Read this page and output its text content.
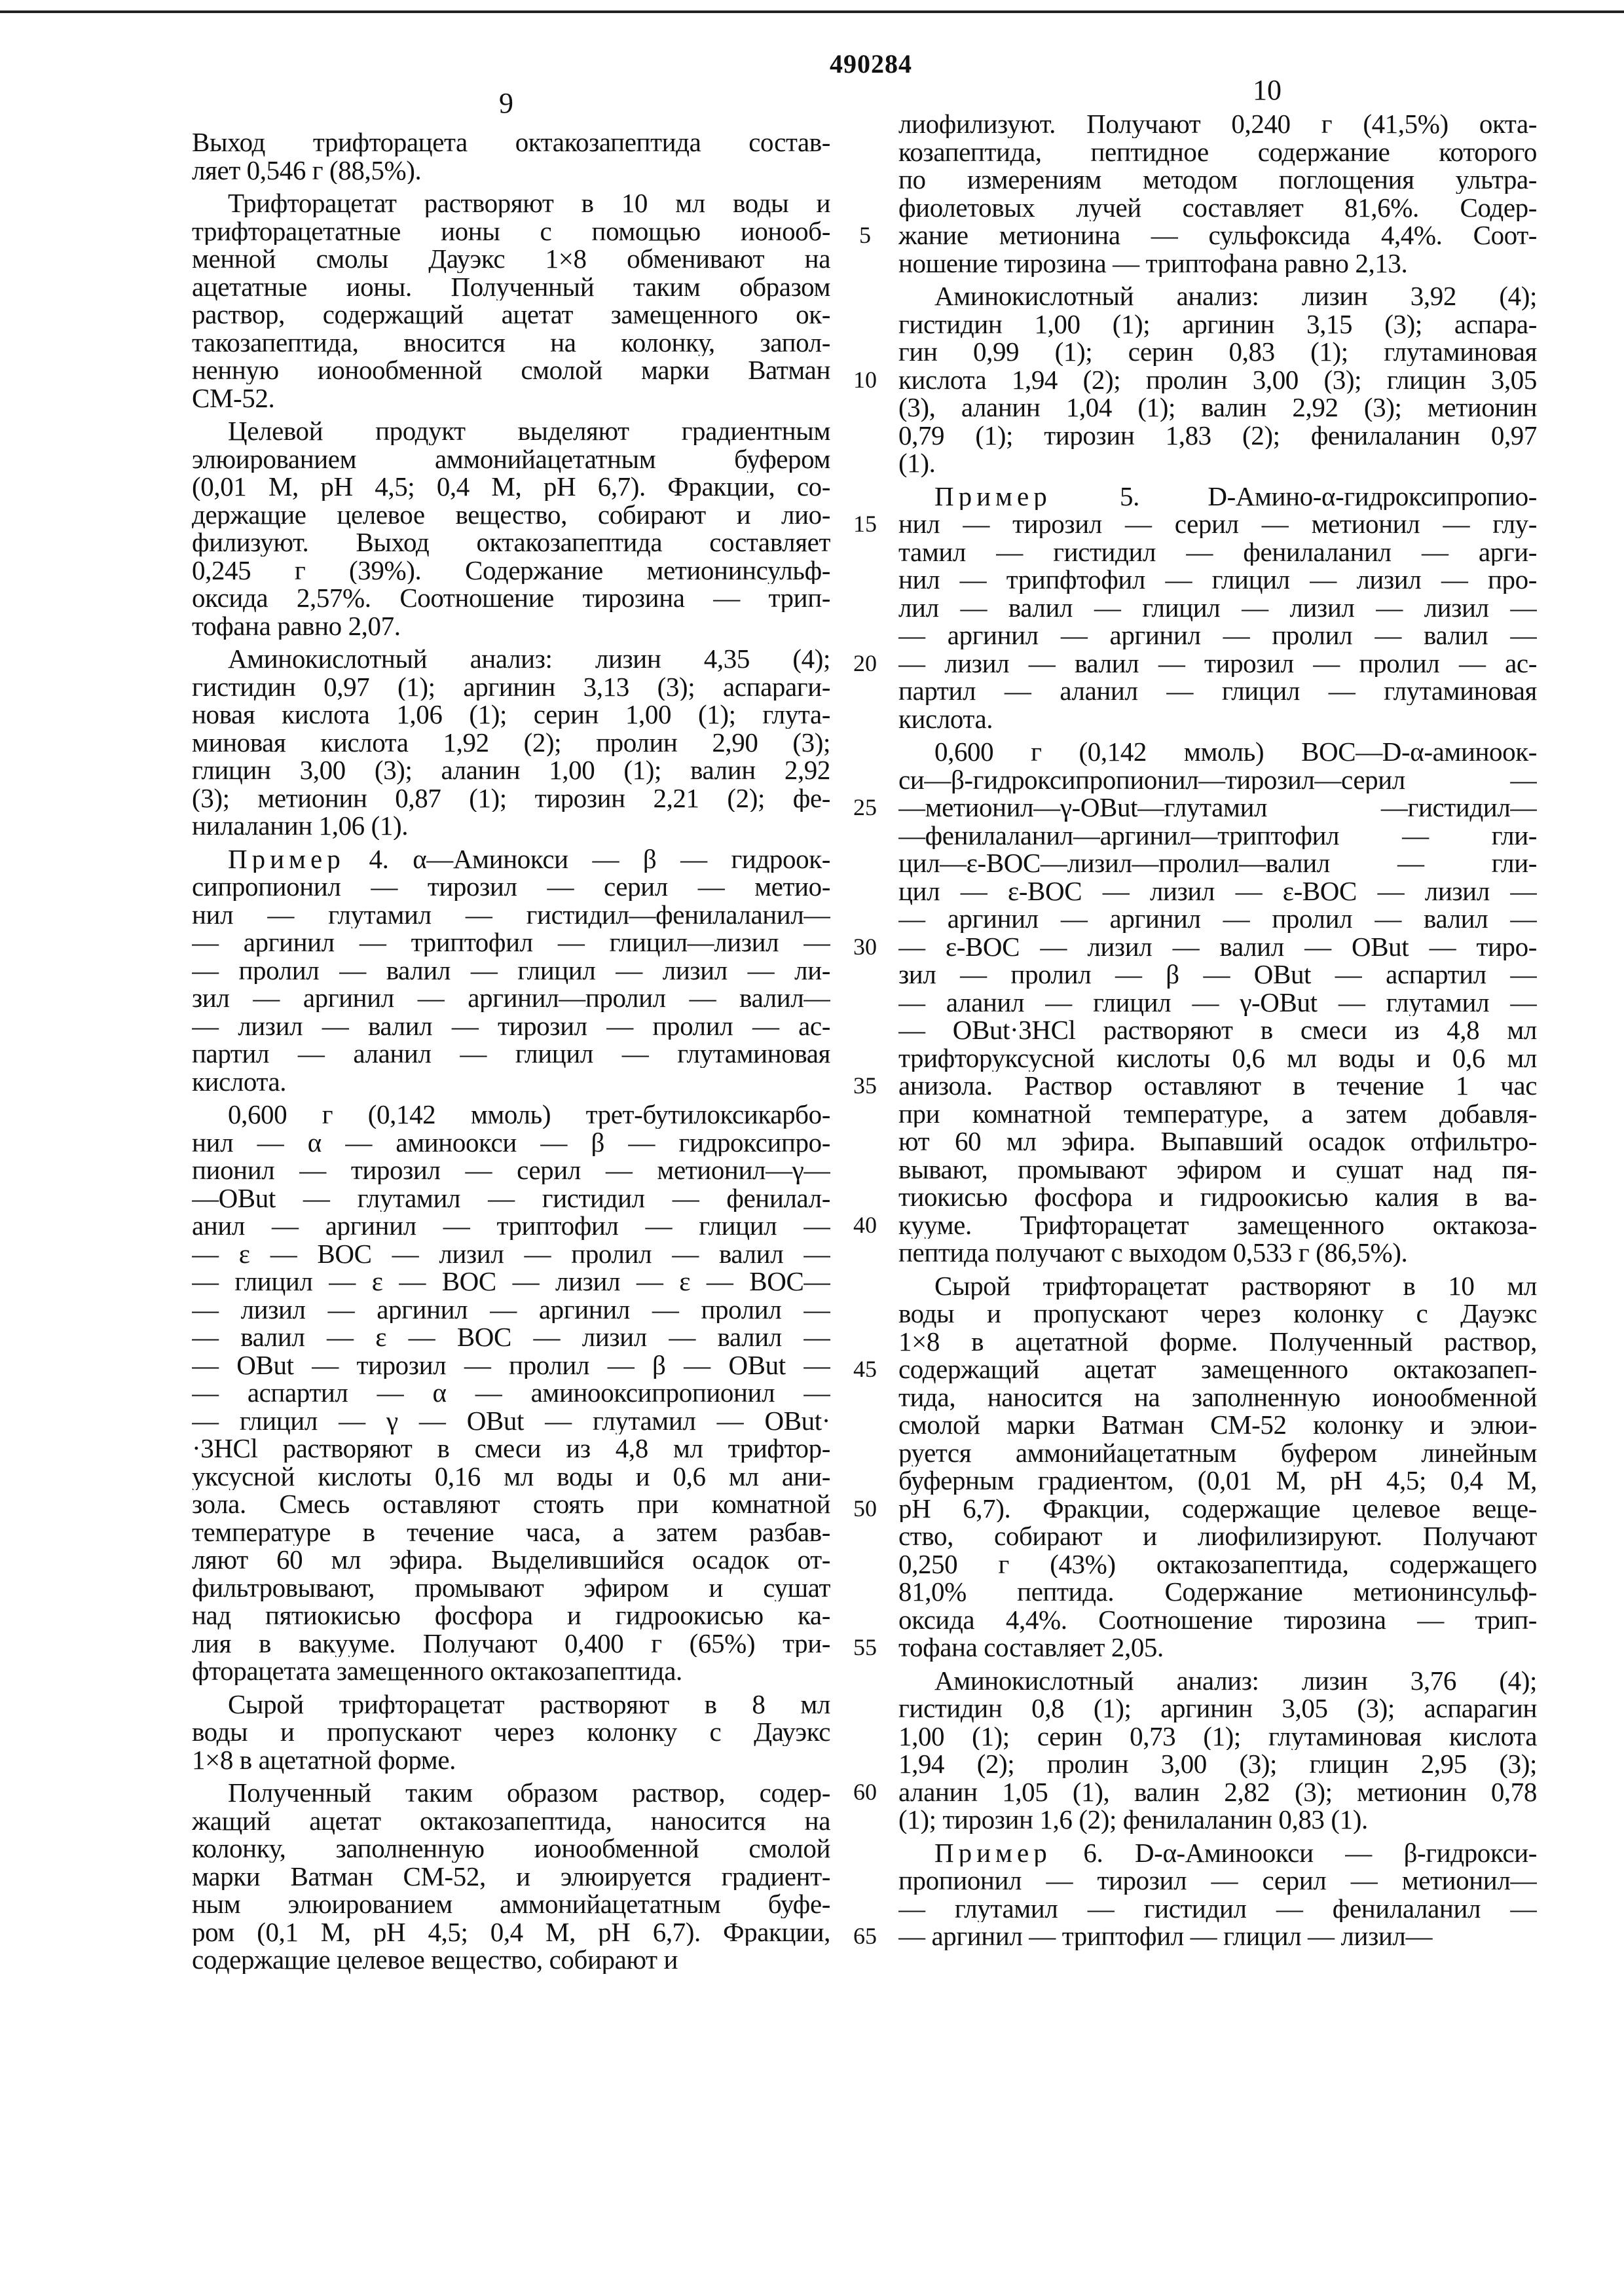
490284
9	10
Выход трифторацета октакозапептида состав-
ляет 0,546 г (88,5%).
Трифторацетат растворяют в 10 мл воды и
трифторацетатные ионы с помощью ионооб-
менной смолы Дауэкс 1×8 обменивают на
ацетатные ионы. Полученный таким образом
раствор, содержащий ацетат замещенного ок-
такозапептида, вносится на колонку, запол-
ненную ионообменной смолой марки Ватман
СМ-52.
Целевой продукт выделяют градиентным
элюированием аммонийацетатным буфером
(0,01 М, рН 4,5; 0,4 М, рН 6,7). Фракции, со-
держащие целевое вещество, собирают и лио-
филизуют. Выход октакозапептида составляет
0,245 г (39%). Содержание метионинсульф-
оксида 2,57%. Соотношение тирозина — трип-
тофана равно 2,07.
Аминокислотный анализ: лизин 4,35 (4);
гистидин 0,97 (1); аргинин 3,13 (3); аспараги-
новая кислота 1,06 (1); серин 1,00 (1); глута-
миновая кислота 1,92 (2); пролин 2,90 (3);
глицин 3,00 (3); аланин 1,00 (1); валин 2,92
(3); метионин 0,87 (1); тирозин 2,21 (2); фе-
нилаланин 1,06 (1).
Пример 4. α—Аминокси — β — гидроок-
сипропионил — тирозил — серил — метио-
нил — глутамил — гистидил—фенилаланил—
— аргинил — триптофил — глицил—лизил —
— пролил — валил — глицил — лизил — ли-
зил — аргинил — аргинил—пролил — валил—
— лизил — валил — тирозил — пролил — ас-
партил — аланил — глицил — глутаминовая
кислота.
0,600 г (0,142 ммоль) трет-бутилоксикарбо-
нил — α — аминоокси — β — гидроксипро-
пионил — тирозил — серил — метионил—γ—
—OBut — глутамил — гистидил — фенилал-
анил — аргинил — триптофил — глицил —
— ε — BOC — лизил — пролил — валил —
— глицил — ε — BOC — лизил — ε — BOC—
— лизил — аргинил — аргинил — пролил —
— валил — ε — BOC — лизил — валил —
— OBut — тирозил — пролил — β — OBut —
— аспартил — α — аминооксипропионил —
— глицил — γ — OBut — глутамил — OBut·
·3HCl растворяют в смеси из 4,8 мл трифтор-
уксусной кислоты 0,16 мл воды и 0,6 мл ани-
зола. Смесь оставляют стоять при комнатной
температуре в течение часа, а затем разбав-
ляют 60 мл эфира. Выделившийся осадок от-
фильтровывают, промывают эфиром и сушат
над пятиокисью фосфора и гидроокисью ка-
лия в вакууме. Получают 0,400 г (65%) три-
фторацетата замещенного октакозапептида.
Сырой трифторацетат растворяют в 8 мл
воды и пропускают через колонку с Дауэкс
1×8 в ацетатной форме.
Полученный таким образом раствор, содер-
жащий ацетат октакозапептида, наносится на
колонку, заполненную ионообменной смолой
марки Ватман СМ-52, и элюируется градиент-
ным элюированием аммонийацетатным буфе-
ром (0,1 М, рН 4,5; 0,4 М, рН 6,7). Фракции,
содержащие целевое вещество, собирают и
лиофилизуют. Получают 0,240 г (41,5%) окта-
козапептида, пептидное содержание которого
по измерениям методом поглощения ультра-
фиолетовых лучей составляет 81,6%. Содер-
жание метионина — сульфоксида 4,4%. Соот-
ношение тирозина — триптофана равно 2,13.
Аминокислотный анализ: лизин 3,92 (4);
гистидин 1,00 (1); аргинин 3,15 (3); аспара-
гин 0,99 (1); серин 0,83 (1); глутаминовая
кислота 1,94 (2); пролин 3,00 (3); глицин 3,05
(3), аланин 1,04 (1); валин 2,92 (3); метионин
0,79 (1); тирозин 1,83 (2); фенилаланин 0,97
(1).
Пример 5. D-Амино-α-гидроксипропио-
нил — тирозил — серил — метионил — глу-
тамил — гистидил — фенилаланил — арги-
нил — трипфтофил — глицил — лизил — про-
лил — валил — глицил — лизил — лизил —
— аргинил — аргинил — пролил — валил —
— лизил — валил — тирозил — пролил — ас-
партил — аланил — глицил — глутаминовая
кислота.
0,600 г (0,142 ммоль) BOC—D-α-аминоок-
си—β-гидроксипропионил—тирозил—серил —
—метионил—γ-OBut—глутамил —гистидил—
—фенилаланил—аргинил—триптофил — гли-
цил—ε-BOC—лизил—пролил—валил — гли-
цил — ε-BOC — лизил — ε-BOC — лизил —
— аргинил — аргинил — пролил — валил —
— ε-BOC — лизил — валил — OBut — тиро-
зил — пролил — β — OBut — аспартил —
— аланил — глицил — γ-OBut — глутамил —
— OBut·3HCl растворяют в смеси из 4,8 мл
трифторуксусной кислоты 0,6 мл воды и 0,6 мл
анизола. Раствор оставляют в течение 1 час
при комнатной температуре, а затем добавля-
ют 60 мл эфира. Выпавший осадок отфильтро-
вывают, промывают эфиром и сушат над пя-
тиокисью фосфора и гидроокисью калия в ва-
кууме. Трифторацетат замещенного октакоза-
пептида получают с выходом 0,533 г (86,5%).
Сырой трифторацетат растворяют в 10 мл
воды и пропускают через колонку с Дауэкс
1×8 в ацетатной форме. Полученный раствор,
содержащий ацетат замещенного октакозапеп-
тида, наносится на заполненную ионообменной
смолой марки Ватман СМ-52 колонку и элюи-
руется аммонийацетатным буфером линейным
буферным градиентом, (0,01 М, рН 4,5; 0,4 М,
рН 6,7). Фракции, содержащие целевое веще-
ство, собирают и лиофилизируют. Получают
0,250 г (43%) октакозапептида, содержащего
81,0% пептида. Содержание метионинсульф-
оксида 4,4%. Соотношение тирозина — трип-
тофана составляет 2,05.
Аминокислотный анализ: лизин 3,76 (4);
гистидин 0,8 (1); аргинин 3,05 (3); аспарагин
1,00 (1); серин 0,73 (1); глутаминовая кислота
1,94 (2); пролин 3,00 (3); глицин 2,95 (3);
аланин 1,05 (1), валин 2,82 (3); метионин 0,78
(1); тирозин 1,6 (2); фенилаланин 0,83 (1).
Пример 6. D-α-Аминоокси — β-гидрокси-
пропионил — тирозил — серил — метионил—
— глутамил — гистидил — фенилаланил —
— аргинил — триптофил — глицил — лизил—
5
10
15
20
25
30
35
40
45
50
55
60
65
